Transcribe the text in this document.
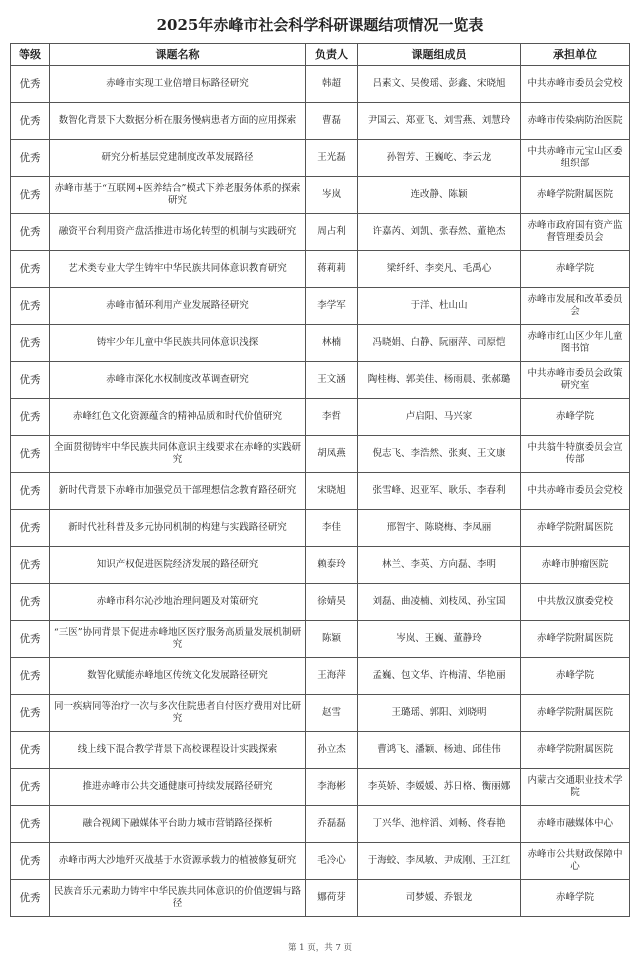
2025年赤峰市社会科学科研课题结项情况一览表
等级	课题名称	负责人	课题组成员	承担单位
优秀	赤峰市实现工业倍增目标路径研究	韩超	吕素文、吴俊瑶、彭鑫、宋晓旭	中共赤峰市委员会党校
优秀	数智化背景下大数据分析在服务慢病患者方面的应用探索	曹磊	尹国云、郑亚飞、刘雪燕、刘慧玲	赤峰市传染病防治医院
优秀	研究分析基层党建制度改革发展路径	王光磊	孙智芳、王巍屹、李云龙	中共赤峰市元宝山区委组织部
优秀	赤峰市基于“互联网+医养结合”模式下养老服务体系的探索研究	岑岚	连改静、陈颖	赤峰学院附属医院
优秀	融资平台利用资产盘活推进市场化转型的机制与实践研究	周占利	许嘉芮、刘凯、张春然、董艳杰	赤峰市政府国有资产监督管理委员会
优秀	艺术类专业大学生铸牢中华民族共同体意识教育研究	蒋莉莉	梁纤纤、李奕凡、毛禹心	赤峰学院
优秀	赤峰市循环利用产业发展路径研究	李学军	于洋、杜山山	赤峰市发展和改革委员会
优秀	铸牢少年儿童中华民族共同体意识浅探	林楠	冯晓娟、白静、阮丽萍、司原恺	赤峰市红山区少年儿童图书馆
优秀	赤峰市深化水权制度改革调查研究	王文涵	陶桂梅、郭美佳、杨雨晨、张郝璐	中共赤峰市委员会政策研究室
优秀	赤峰红色文化资源蕴含的精神品质和时代价值研究	李哲	卢启阳、马兴家	赤峰学院
优秀	全面贯彻铸牢中华民族共同体意识主线要求在赤峰的实践研究	胡凤燕	倪志飞、李浩然、张爽、王文康	中共翁牛特旗委员会宣传部
优秀	新时代背景下赤峰市加强党员干部理想信念教育路径研究	宋晓旭	张雪峰、迟亚军、耿乐、李春利	中共赤峰市委员会党校
优秀	新时代社科普及多元协同机制的构建与实践路径研究	李佳	邢智宇、陈晓梅、李凤丽	赤峰学院附属医院
优秀	知识产权促进医院经济发展的路径研究	赖泰玲	林兰、李英、方向磊、李明	赤峰市肿瘤医院
优秀	赤峰市科尔沁沙地治理问题及对策研究	徐婧昊	刘磊、曲凌楠、刘枝凤、孙宝国	中共敖汉旗委党校
优秀	“三医”协同背景下促进赤峰地区医疗服务高质量发展机制研究	陈颖	岑岚、王巍、董静玲	赤峰学院附属医院
优秀	数智化赋能赤峰地区传统文化发展路径研究	王海萍	孟巍、包文华、许梅清、华艳丽	赤峰学院
优秀	同一疾病同等治疗一次与多次住院患者自付医疗费用对比研究	赵雪	王璐瑶、郭阳、刘晓明	赤峰学院附属医院
优秀	线上线下混合教学背景下高校课程设计实践探索	孙立杰	曹鸿飞、潘颖、杨迪、邱佳伟	赤峰学院附属医院
优秀	推进赤峰市公共交通健康可持续发展路径研究	李海彬	李英娇、李媛媛、苏日格、衡丽娜	内蒙古交通职业技术学院
优秀	融合视阈下融媒体平台助力城市营销路径探析	乔磊磊	丁兴华、池梓滔、刘畅、佟春艳	赤峰市融媒体中心
优秀	赤峰市两大沙地歼灭战基于水资源承载力的植被修复研究	毛冷心	于海蛟、李凤敏、尹成刚、王江红	赤峰市公共财政保障中心
优秀	民族音乐元素助力铸牢中华民族共同体意识的价值逻辑与路径	娜荷芽	司梦媛、乔银龙	赤峰学院
第 1 页，共 7 页
